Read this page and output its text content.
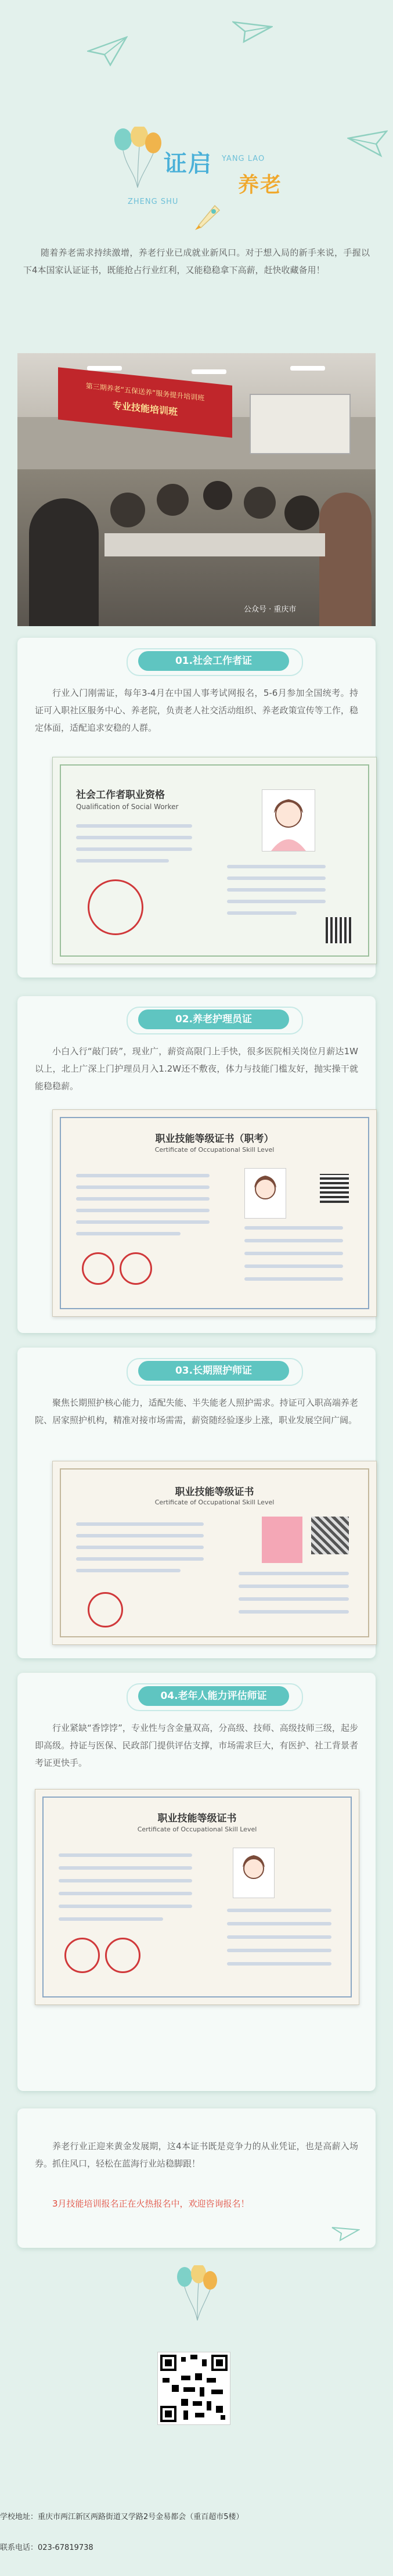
证启
ZHENG SHU
YANG LAO
养老

随着养老需求持续激增，养老行业已成就业新风口。对于想入局的新手来说，手握以下4本国家认证证书，既能抢占行业红利，又能稳稳拿下高薪，赶快收藏备用！

第三期养老“五保送养”服务提升培训班
专业技能培训班
公众号 · 重庆市
01.社会工作者证

行业入门刚需证，每年3-4月在中国人事考试网报名，5-6月参加全国统考。持证可入职社区服务中心、养老院，负责老人社交活动组织、养老政策宣传等工作，稳定体面，适配追求安稳的人群。

社会工作者职业资格
Qualification of Social Worker
02.养老护理员证

小白入行“敲门砖”，现业广，薪资高限门上手快，很多医院相关岗位月薪达1W以上，北上广深上门护理员月入1.2W还不敷夜，体力与技能门槛友好，抛实操干就能稳稳薪。

职业技能等级证书（职考）
Certificate of Occupational Skill Level
03.长期照护师证

聚焦长期照护核心能力，适配失能、半失能老人照护需求。持证可入职高端养老院、居家照护机构，精准对接市场需需，薪资随经验逐步上涨，职业发展空间广阔。

职业技能等级证书
Certificate of Occupational Skill Level
04.老年人能力评估师证

行业紧缺“香饽饽”，专业性与含金量双高，分高级、技师、高级技师三级，起步即高级。持证与医保、民政部门提供评估支撑，市场需求巨大，有医护、社工背景者考证更快手。

职业技能等级证书
Certificate of Occupational Skill Level

养老行业正迎来黄金发展期，这4本证书既是竞争力的从业凭证，也是高薪入场券。抓住风口，轻松在蓝海行业站稳脚跟！

3月技能培训报名正在火热报名中，欢迎咨询报名！
学校地址：重庆市两江新区两路街道又学路2号金易都会（重百超市5楼）
联系电话：023-67819738
